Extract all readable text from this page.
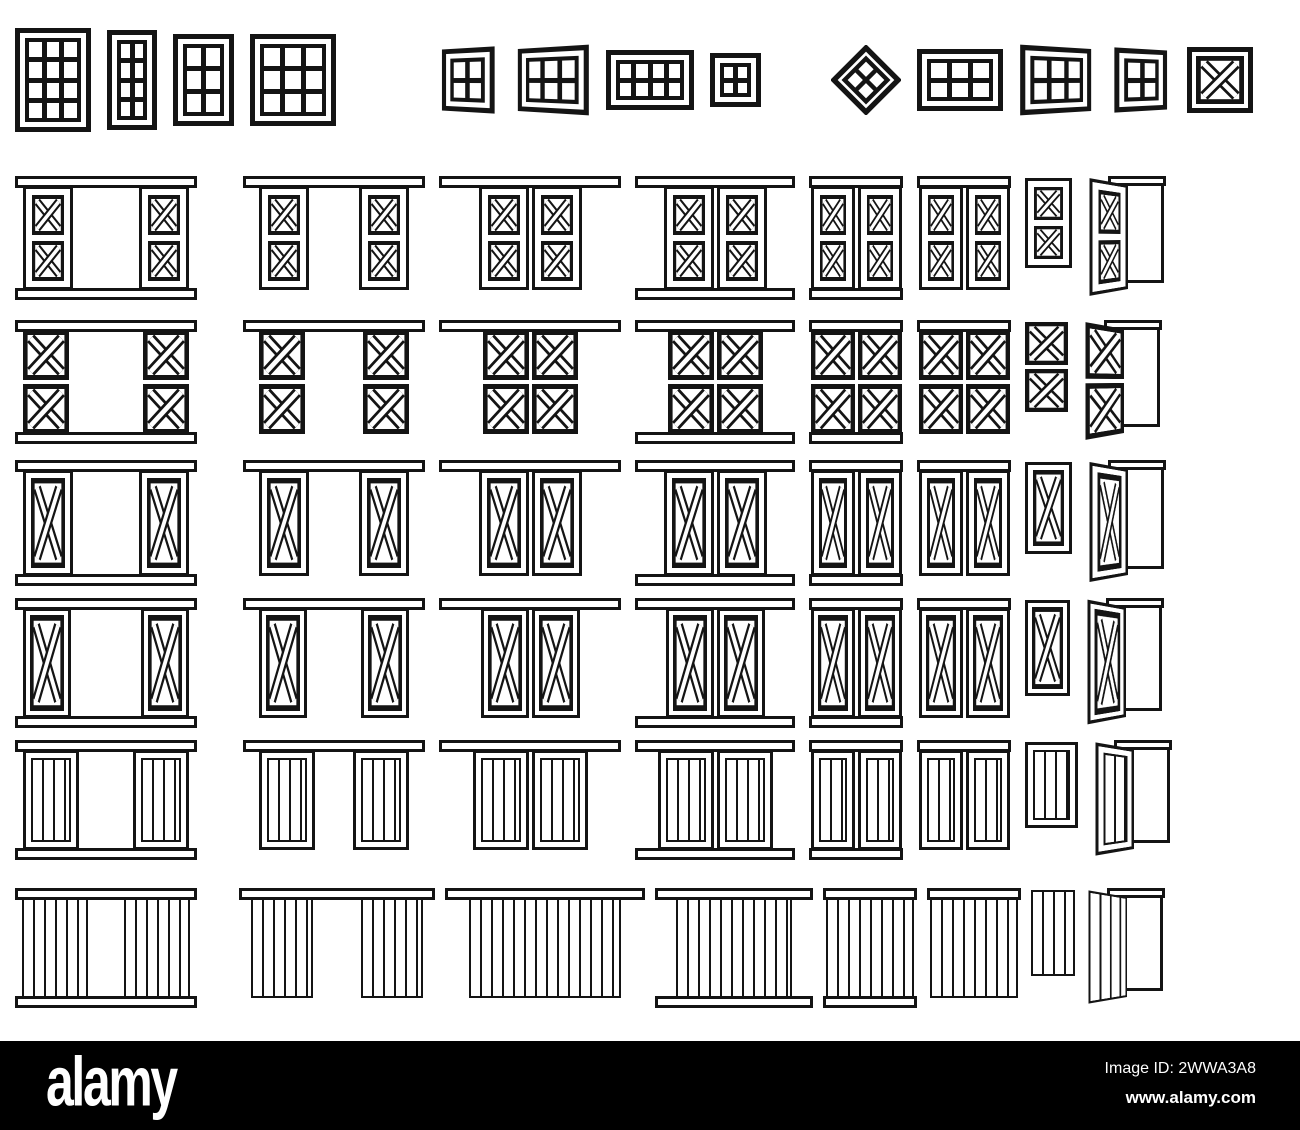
alamy	Image ID: 2WWA3A8
www.alamy.com
